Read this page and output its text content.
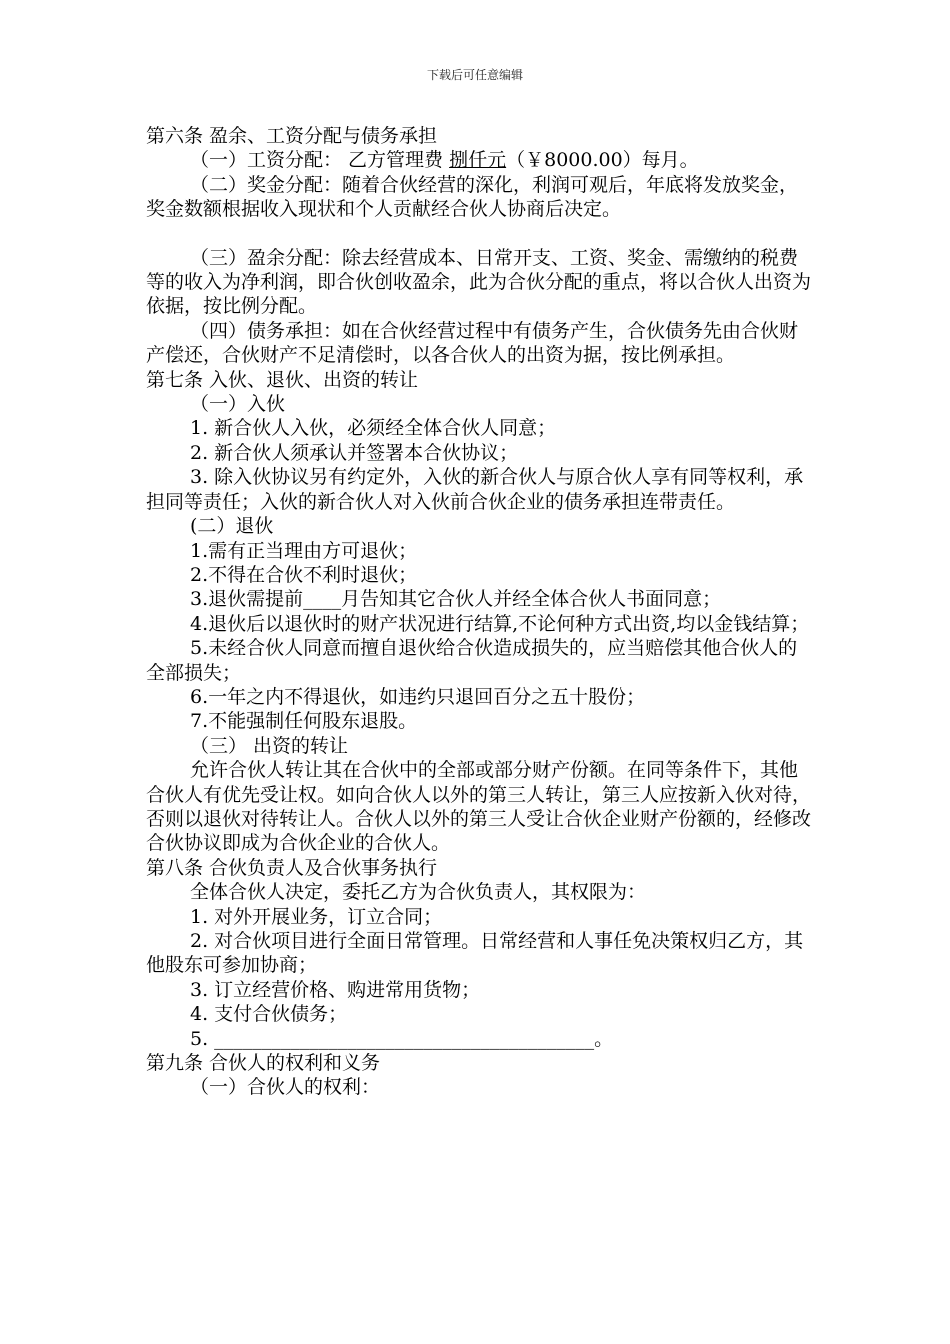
下载后可任意编辑

第六条 盈余、工资分配与债务承担

（一）工资分配： 乙方管理费 捌仟元（￥8000.00）每月。

（二）奖金分配：随着合伙经营的深化，利润可观后，年底将发放奖金，奖金数额根据收入现状和个人贡献经合伙人协商后决定。

（三）盈余分配：除去经营成本、日常开支、工资、奖金、需缴纳的税费等的收入为净利润，即合伙创收盈余，此为合伙分配的重点，将以合伙人出资为依据，按比例分配。

（四）债务承担：如在合伙经营过程中有债务产生，合伙债务先由合伙财产偿还，合伙财产不足清偿时，以各合伙人的出资为据，按比例承担。

第七条 入伙、退伙、出资的转让

（一）入伙

1. 新合伙人入伙，必须经全体合伙人同意；

2. 新合伙人须承认并签署本合伙协议；

3. 除入伙协议另有约定外，入伙的新合伙人与原合伙人享有同等权利，承担同等责任；入伙的新合伙人对入伙前合伙企业的债务承担连带责任。

(二）退伙

1.需有正当理由方可退伙；

2.不得在合伙不利时退伙；

3.退伙需提前____月告知其它合伙人并经全体合伙人书面同意；

4.退伙后以退伙时的财产状况进行结算,不论何种方式出资,均以金钱结算；

5.未经合伙人同意而擅自退伙给合伙造成损失的，应当赔偿其他合伙人的全部损失；

6.一年之内不得退伙，如违约只退回百分之五十股份；

7.不能强制任何股东退股。

（三） 出资的转让

允许合伙人转让其在合伙中的全部或部分财产份额。在同等条件下，其他合伙人有优先受让权。如向合伙人以外的第三人转让，第三人应按新入伙对待，否则以退伙对待转让人。合伙人以外的第三人受让合伙企业财产份额的，经修改合伙协议即成为合伙企业的合伙人。

第八条 合伙负责人及合伙事务执行

全体合伙人决定，委托乙方为合伙负责人，其权限为：

1. 对外开展业务，订立合同；

2. 对合伙项目进行全面日常管理。日常经营和人事任免决策权归乙方，其他股东可参加协商；

3. 订立经营价格、购进常用货物；

4. 支付合伙债务；

5. ________________________________________。

第九条 合伙人的权利和义务

（一）合伙人的权利：
